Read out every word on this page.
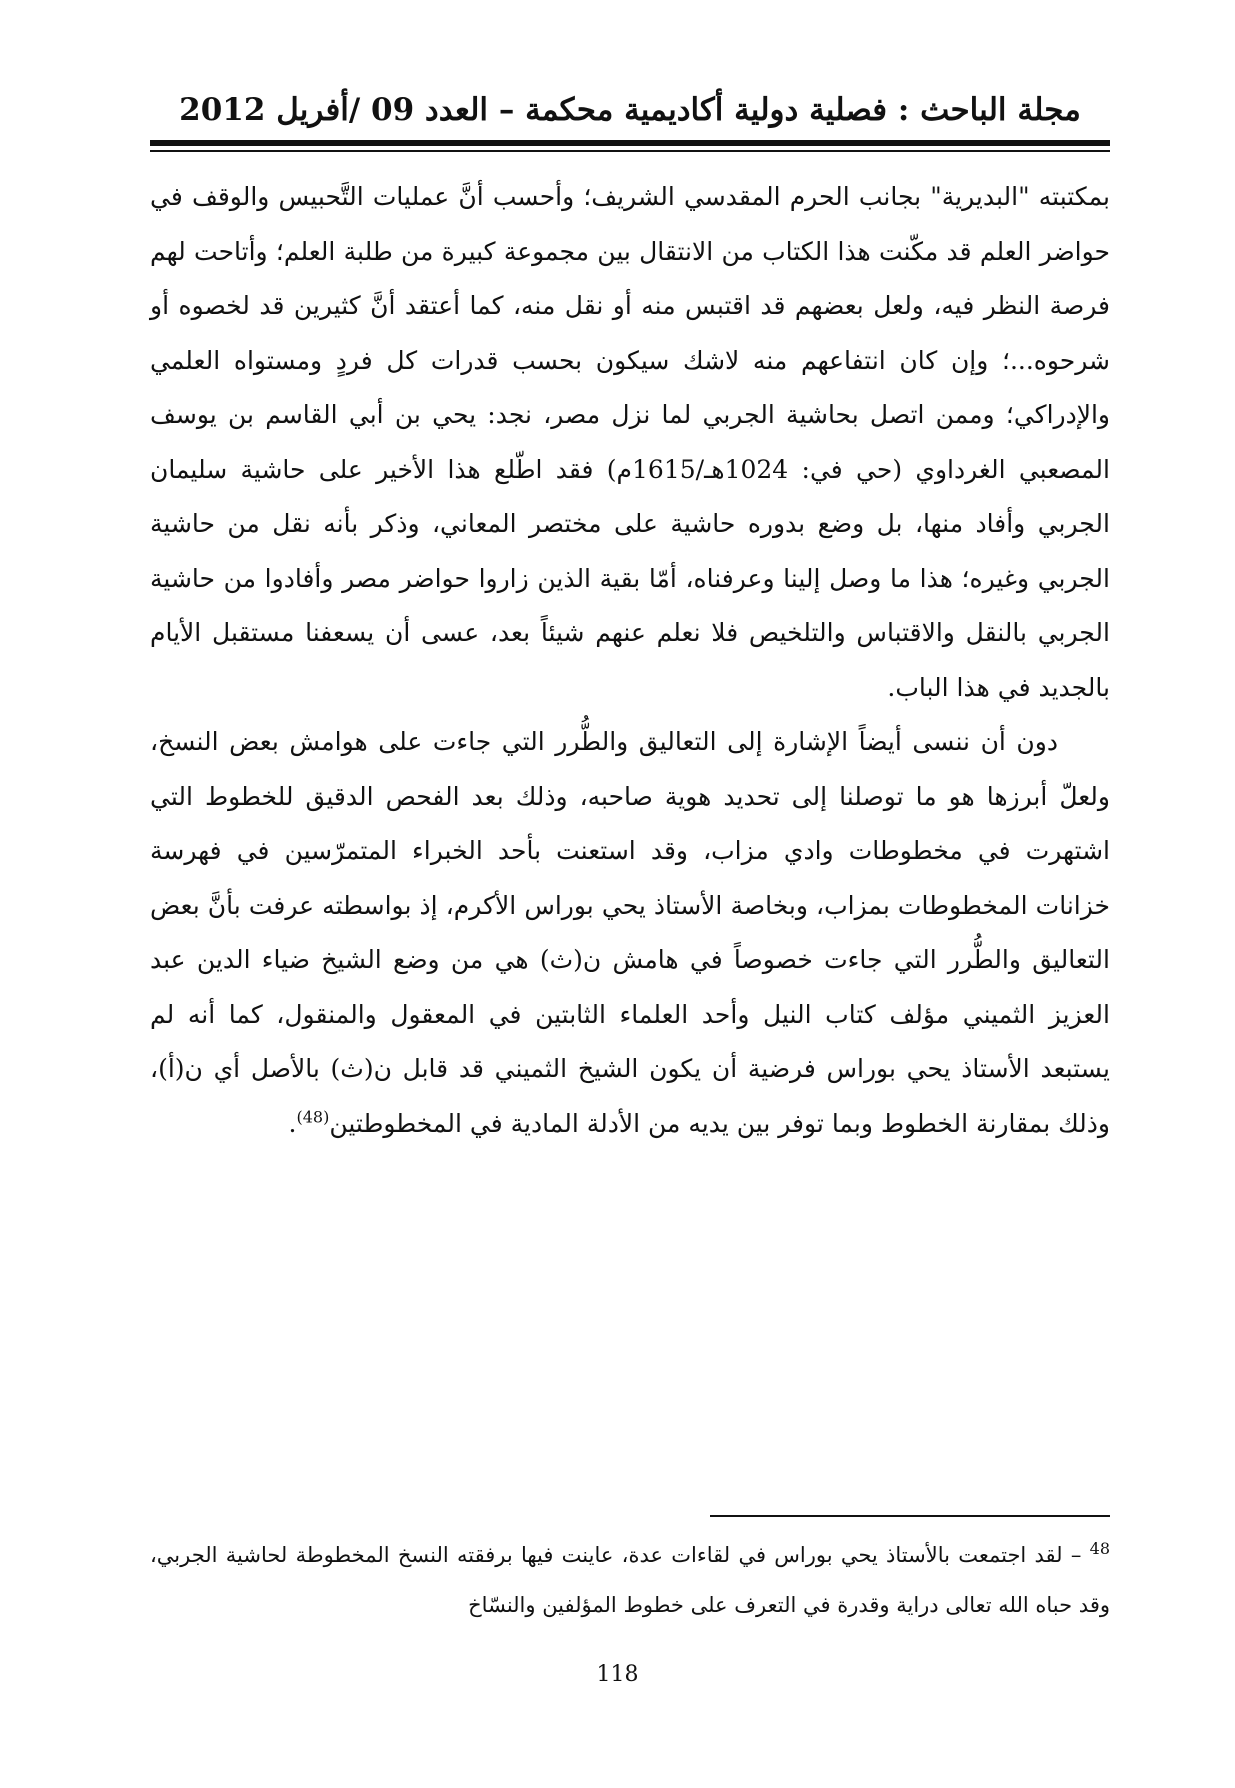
مجلة الباحث : فصلية دولية أكاديمية محكمة – العدد 09 /أفريل 2012

بمكتبته "البديرية" بجانب الحرم المقدسي الشريف؛ وأحسب أنَّ عمليات التَّحبيس والوقف في حواضر العلم قد مكّنت هذا الكتاب من الانتقال بين مجموعة كبيرة من طلبة العلم؛ وأتاحت لهم فرصة النظر فيه، ولعل بعضهم قد اقتبس منه أو نقل منه، كما أعتقد أنَّ كثيرين قد لخصوه أو شرحوه...؛ وإن كان انتفاعهم منه لاشك سيكون بحسب قدرات كل فردٍ ومستواه العلمي والإدراكي؛ وممن اتصل بحاشية الجربي لما نزل مصر، نجد: يحي بن أبي القاسم بن يوسف المصعبي الغرداوي (حي في: 1024هـ/1615م) فقد اطّلع هذا الأخير على حاشية سليمان الجربي وأفاد منها، بل وضع بدوره حاشية على مختصر المعاني، وذكر بأنه نقل من حاشية الجربي وغيره؛ هذا ما وصل إلينا وعرفناه، أمّا بقية الذين زاروا حواضر مصر وأفادوا من حاشية الجربي بالنقل والاقتباس والتلخيص فلا نعلم عنهم شيئاً بعد، عسى أن يسعفنا مستقبل الأيام بالجديد في هذا الباب.

دون أن ننسى أيضاً الإشارة إلى التعاليق والطُّرر التي جاءت على هوامش بعض النسخ، ولعلّ أبرزها هو ما توصلنا إلى تحديد هوية صاحبه، وذلك بعد الفحص الدقيق للخطوط التي اشتهرت في مخطوطات وادي مزاب، وقد استعنت بأحد الخبراء المتمرّسين في فهرسة خزانات المخطوطات بمزاب، وبخاصة الأستاذ يحي بوراس الأكرم، إذ بواسطته عرفت بأنَّ بعض التعاليق والطُّرر التي جاءت خصوصاً في هامش ن(ث) هي من وضع الشيخ ضياء الدين عبد العزيز الثميني مؤلف كتاب النيل وأحد العلماء الثابتين في المعقول والمنقول، كما أنه لم يستبعد الأستاذ يحي بوراس فرضية أن يكون الشيخ الثميني قد قابل ن(ث) بالأصل أي ن(أ)، وذلك بمقارنة الخطوط وبما توفر بين يديه من الأدلة المادية في المخطوطتين$^{(48)}$.

$^{48}$ – لقد اجتمعت بالأستاذ يحي بوراس في لقاءات عدة، عاينت فيها برفقته النسخ المخطوطة لحاشية الجربي، وقد حباه الله تعالى دراية وقدرة في التعرف على خطوط المؤلفين والنسّاخ

118
